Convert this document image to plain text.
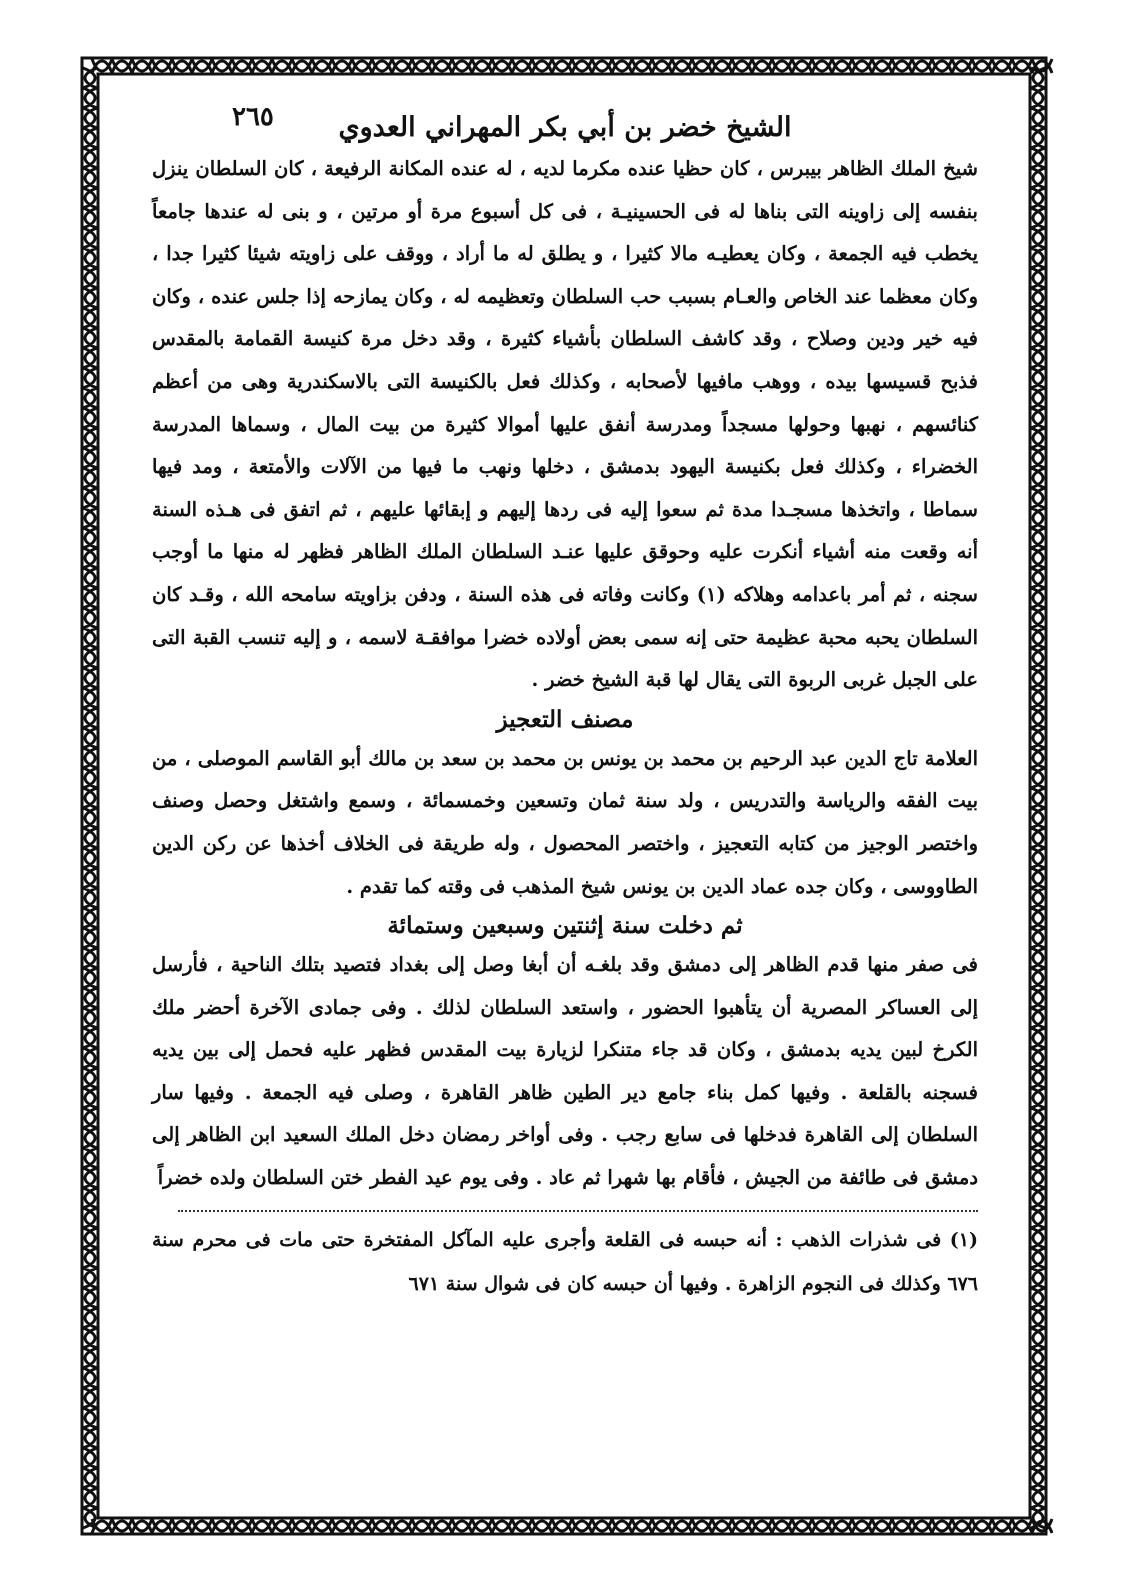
٢٦٥	الشيخ خضر بن أبي بكر المهراني العدوي

شيخ الملك الظاهر بيبرس ، كان حظيا عنده مكرما لديه ، له عنده المكانة الرفيعة ، كان السلطان ينزل بنفسه إلى زاوينه التى بناها له فى الحسينيـة ، فى كل أسبوع مرة أو مرتين ، و بنى له عندها جامعاً يخطب فيه الجمعة ، وكان يعطيـه مالا كثيرا ، و يطلق له ما أراد ، ووقف على زاويته شيئا كثيرا جدا ، وكان معظما عند الخاص والعـام بسبب حب السلطان وتعظيمه له ، وكان يمازحه إذا جلس عنده ، وكان فيه خير ودين وصلاح ، وقد كاشف السلطان بأشياء كثيرة ، وقد دخل مرة كنيسة القمامة بالمقدس فذبح قسيسها بيده ، ووهب مافيها لأصحابه ، وكذلك فعل بالكنيسة التى بالاسكندرية وهى من أعظم كنائسهم ، نهبها وحولها مسجداً ومدرسة أنفق عليها أموالا كثيرة من بيت المال ، وسماها المدرسة الخضراء ، وكذلك فعل بكنيسة اليهود بدمشق ، دخلها ونهب ما فيها من الآلات والأمتعة ، ومد فيها سماطا ، واتخذها مسجـدا مدة ثم سعوا إليه فى ردها إليهم و إبقائها عليهم ، ثم اتفق فى هـذه السنة أنه وقعت منه أشياء أنكرت عليه وحوقق عليها عنـد السلطان الملك الظاهر فظهر له منها ما أوجب سجنه ، ثم أمر باعدامه وهلاكه (١) وكانت وفاته فى هذه السنة ، ودفن بزاويته سامحه الله ، وقـد كان السلطان يحبه محبة عظيمة حتى إنه سمى بعض أولاده خضرا موافقـة لاسمه ، و إليه تنسب القبة التى على الجبل غربى الربوة التى يقال لها قبة الشيخ خضر .

مصنف التعجيز

العلامة تاج الدين عبد الرحيم بن محمد بن يونس بن محمد بن سعد بن مالك أبو القاسم الموصلى ، من بيت الفقه والرياسة والتدريس ، ولد سنة ثمان وتسعين وخمسمائة ، وسمع واشتغل وحصل وصنف واختصر الوجيز من كتابه التعجيز ، واختصر المحصول ، وله طريقة فى الخلاف أخذها عن ركن الدين الطاووسى ، وكان جده عماد الدين بن يونس شيخ المذهب فى وقته كما تقدم .

ثم دخلت سنة إثنتين وسبعين وستمائة

فى صفر منها قدم الظاهر إلى دمشق وقد بلغـه أن أبغا وصل إلى بغداد فتصيد بتلك الناحية ، فأرسل إلى العساكر المصرية أن يتأهبوا الحضور ، واستعد السلطان لذلك . وفى جمادى الآخرة أحضر ملك الكرخ لبين يديه بدمشق ، وكان قد جاء متنكرا لزيارة بيت المقدس فظهر عليه فحمل إلى بين يديه فسجنه بالقلعة . وفيها كمل بناء جامع دير الطين ظاهر القاهرة ، وصلى فيه الجمعة . وفيها سار السلطان إلى القاهرة فدخلها فى سابع رجب . وفى أواخر رمضان دخل الملك السعيد ابن الظاهر إلى دمشق فى طائفة من الجيش ، فأقام بها شهرا ثم عاد . وفى يوم عيد الفطر ختن السلطان ولده خضراً

(١) فى شذرات الذهب : أنه حبسه فى القلعة وأجرى عليه المآكل المفتخرة حتى مات فى محرم سنة ٦٧٦ وكذلك فى النجوم الزاهرة . وفيها أن حبسه كان فى شوال سنة ٦٧١
